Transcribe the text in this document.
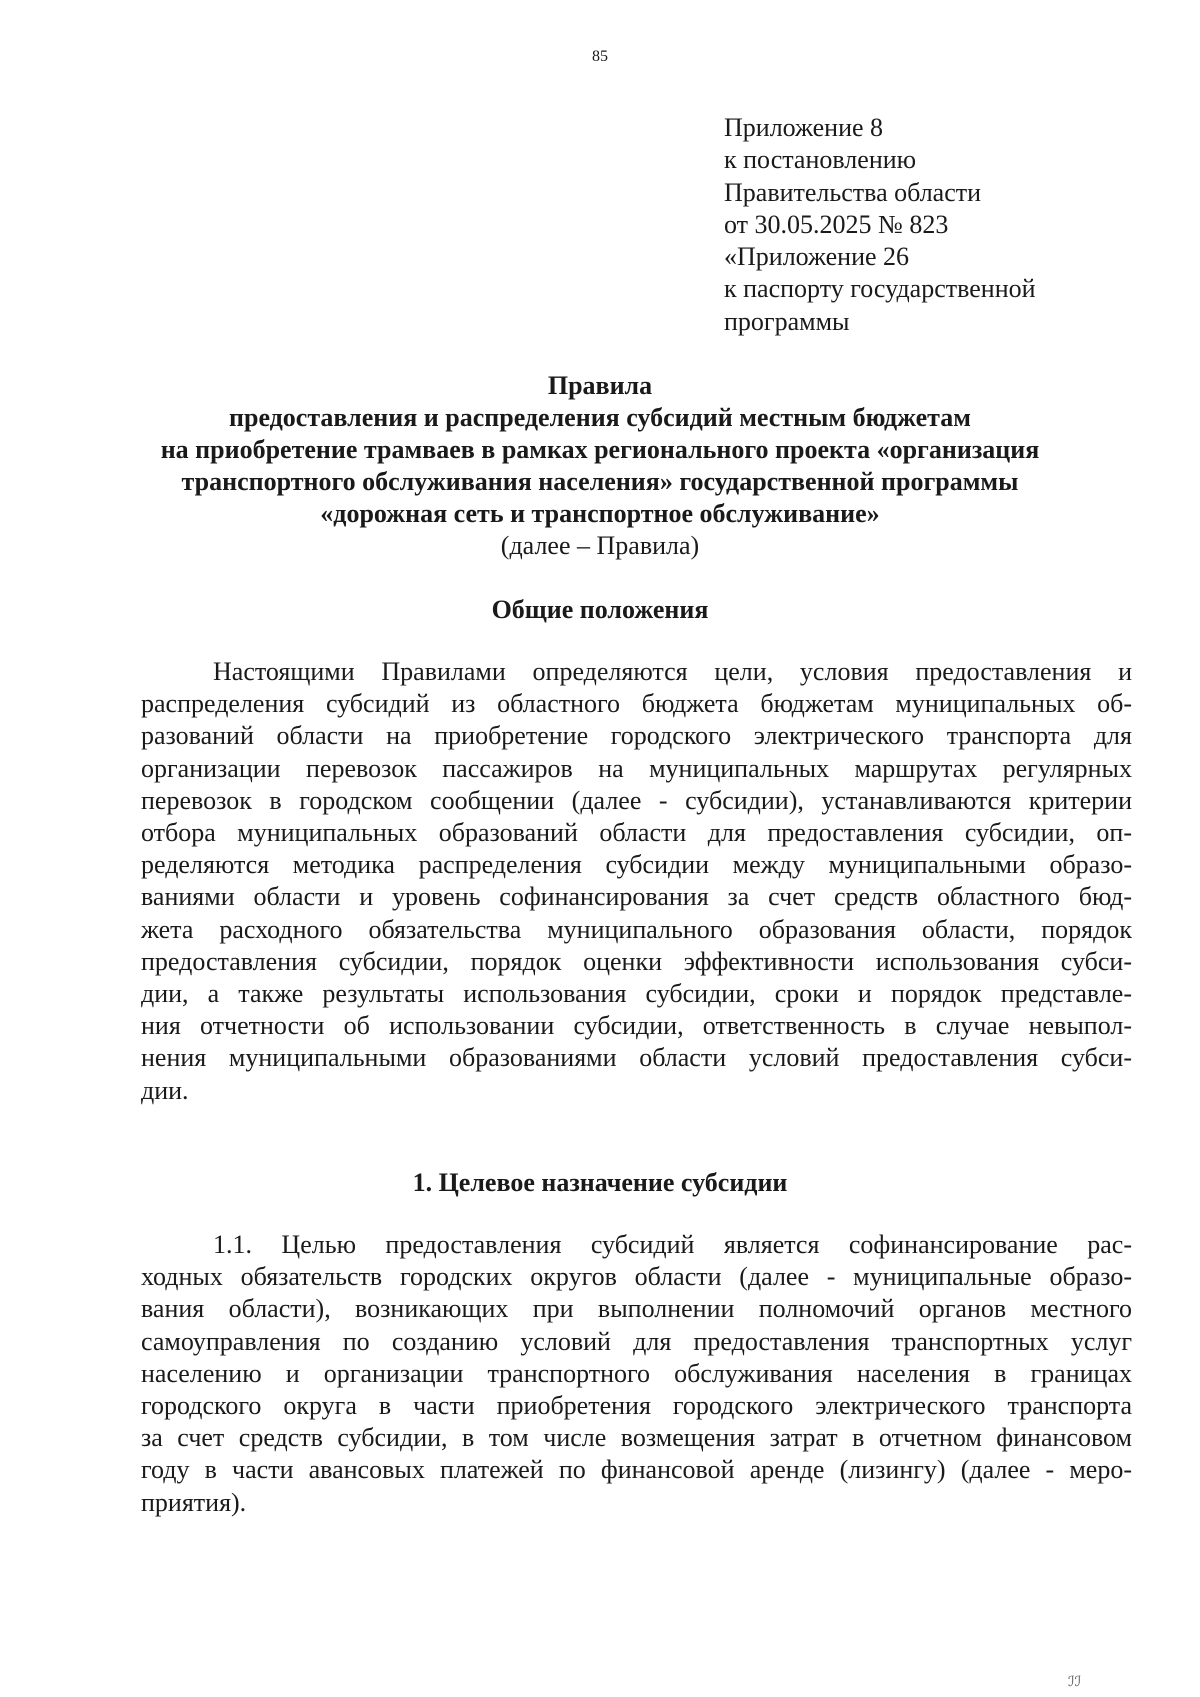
85
Приложение 8
к постановлению
Правительства области
от 30.05.2025 № 823
«Приложение 26
к паспорту государственной
программы
Правила
предоставления и распределения субсидий местным бюджетам
на приобретение трамваев в рамках регионального проекта «организация
транспортного обслуживания населения» государственной программы
«дорожная сеть и транспортное обслуживание»
(далее – Правила)
Общие положения
Настоящими Правилами определяются цели, условия предоставления и
распределения субсидий из областного бюджета бюджетам муниципальных об-
разований области на приобретение городского электрического транспорта для
организации перевозок пассажиров на муниципальных маршрутах регулярных
перевозок в городском сообщении (далее - субсидии), устанавливаются критерии
отбора муниципальных образований области для предоставления субсидии, оп-
ределяются методика распределения субсидии между муниципальными образо-
ваниями области и уровень софинансирования за счет средств областного бюд-
жета расходного обязательства муниципального образования области, порядок
предоставления субсидии, порядок оценки эффективности использования субси-
дии, а также результаты использования субсидии, сроки и порядок представле-
ния отчетности об использовании субсидии, ответственность в случае невыпол-
нения муниципальными образованиями области условий предоставления субси-
дии.
1. Целевое назначение субсидии
1.1. Целью предоставления субсидий является софинансирование рас-
ходных обязательств городских округов области (далее - муниципальные образо-
вания области), возникающих при выполнении полномочий органов местного
самоуправления по созданию условий для предоставления транспортных услуг
населению и организации транспортного обслуживания населения в границах
городского округа в части приобретения городского электрического транспорта
за счет средств субсидии, в том числе возмещения затрат в отчетном финансовом
году в части авансовых платежей по финансовой аренде (лизингу) (далее - меро-
приятия).
ℐℐ
